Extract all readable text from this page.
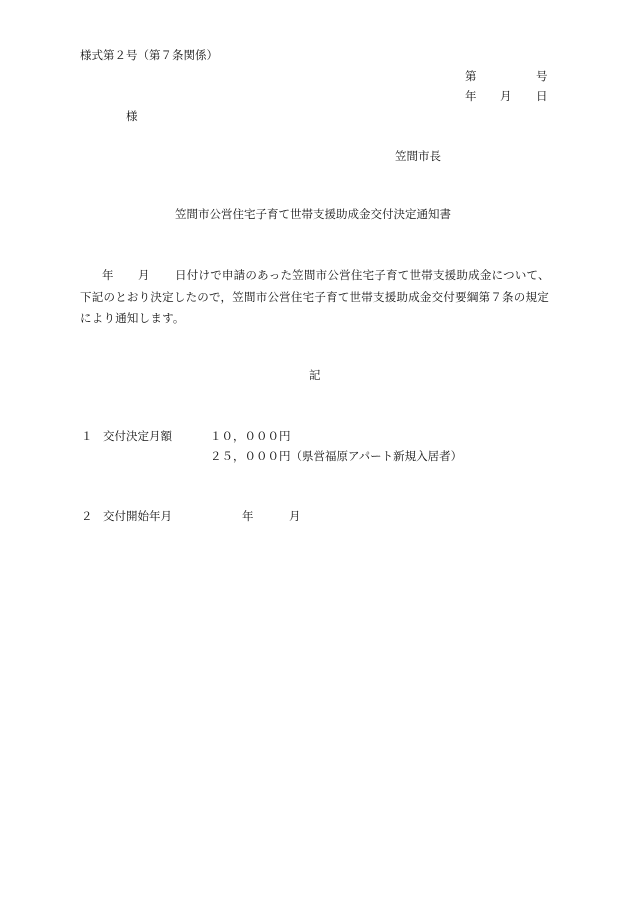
様式第２号（第７条関係）
第	号
年 月 日
様
笠間市長
笠間市公営住宅子育て世帯支援助成金交付決定通知書
年 月 日付けで申請のあった笠間市公営住宅子育て世帯支援助成金について、
下記のとおり決定したので，笠間市公営住宅子育て世帯支援助成金交付要綱第７条の規定
により通知します。
記
１ 交付決定月額	１０，０００円
２５，０００円（県営福原アパート新規入居者）
２ 交付開始年月	年	月
